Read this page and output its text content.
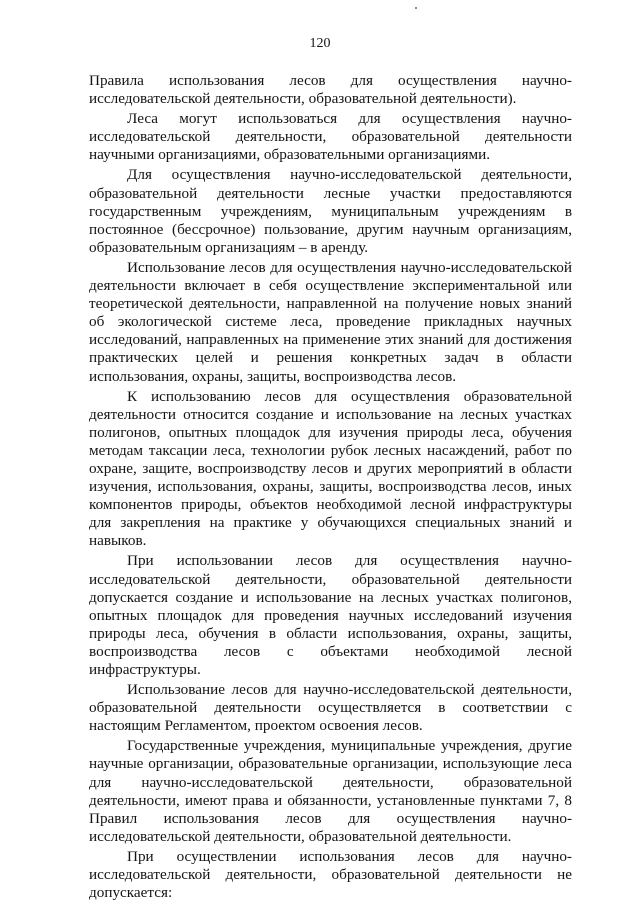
120

Правила использования лесов для осуществления научно-исследовательской деятельности, образовательной деятельности).

Леса могут использоваться для осуществления научно-исследовательской деятельности, образовательной деятельности научными организациями, образовательными организациями.

Для осуществления научно-исследовательской деятельности, образовательной деятельности лесные участки предоставляются государственным учреждениям, муниципальным учреждениям в постоянное (бессрочное) пользование, другим научным организациям, образовательным организациям – в аренду.

Использование лесов для осуществления научно-исследовательской деятельности включает в себя осуществление экспериментальной или теоретической деятельности, направленной на получение новых знаний об экологической системе леса, проведение прикладных научных исследований, направленных на применение этих знаний для достижения практических целей и решения конкретных задач в области использования, охраны, защиты, воспроизводства лесов.

К использованию лесов для осуществления образовательной деятельности относится создание и использование на лесных участках полигонов, опытных площадок для изучения природы леса, обучения методам таксации леса, технологии рубок лесных насаждений, работ по охране, защите, воспроизводству лесов и других мероприятий в области изучения, использования, охраны, защиты, воспроизводства лесов, иных компонентов природы, объектов необходимой лесной инфраструктуры для закрепления на практике у обучающихся специальных знаний и навыков.

При использовании лесов для осуществления научно-исследовательской деятельности, образовательной деятельности допускается создание и использование на лесных участках полигонов, опытных площадок для проведения научных исследований изучения природы леса, обучения в области использования, охраны, защиты, воспроизводства лесов с объектами необходимой лесной инфраструктуры.

Использование лесов для научно-исследовательской деятельности, образовательной деятельности осуществляется в соответствии с настоящим Регламентом, проектом освоения лесов.

Государственные учреждения, муниципальные учреждения, другие научные организации, образовательные организации, использующие леса для научно-исследовательской деятельности, образовательной деятельности, имеют права и обязанности, установленные пунктами 7, 8 Правил использования лесов для осуществления научно-исследовательской деятельности, образовательной деятельности.

При осуществлении использования лесов для научно-исследовательской деятельности, образовательной деятельности не допускается:
